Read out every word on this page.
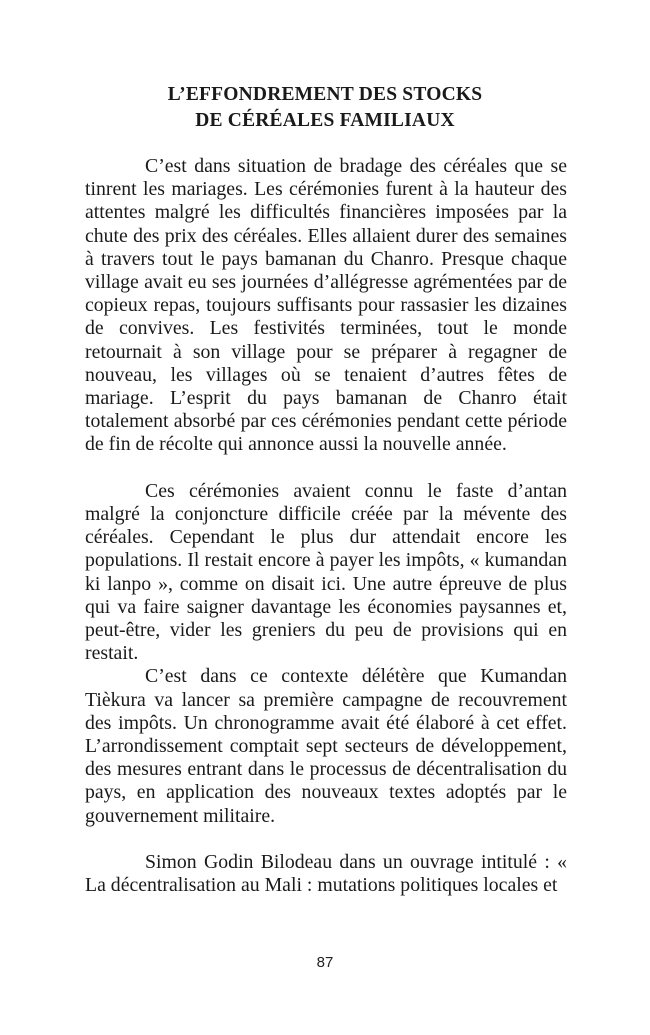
L’EFFONDREMENT DES STOCKS
DE CÉRÉALES FAMILIAUX

C’est dans situation de bradage des céréales que se tinrent les mariages. Les cérémonies furent à la hauteur des attentes malgré les difficultés financières imposées par la chute des prix des céréales. Elles allaient durer des semaines à travers tout le pays bamanan du Chanro. Presque chaque village avait eu ses journées d’allégresse agrémentées par de copieux repas, toujours suffisants pour rassasier les dizaines de convives. Les festivités terminées, tout le monde retournait à son village pour se préparer à regagner de nouveau, les villages où se tenaient d’autres fêtes de mariage. L’esprit du pays bamanan de Chanro était totalement absorbé par ces cérémonies pendant cette période de fin de récolte qui annonce aussi la nouvelle année.

Ces cérémonies avaient connu le faste d’antan malgré la conjoncture difficile créée par la mévente des céréales. Cependant le plus dur attendait encore les populations. Il restait encore à payer les impôts, « kumandan ki lanpo », comme on disait ici. Une autre épreuve de plus qui va faire saigner davantage les économies paysannes et, peut-être, vider les greniers du peu de provisions qui en restait.

C’est dans ce contexte délétère que Kumandan Tièkura va lancer sa première campagne de recouvrement des impôts. Un chronogramme avait été élaboré à cet effet. L’arrondissement comptait sept secteurs de développement, des mesures entrant dans le processus de décentralisation du pays, en application des nouveaux textes adoptés par le gouvernement militaire.

Simon Godin Bilodeau dans un ouvrage intitulé : « La décentralisation au Mali : mutations politiques locales et

87
